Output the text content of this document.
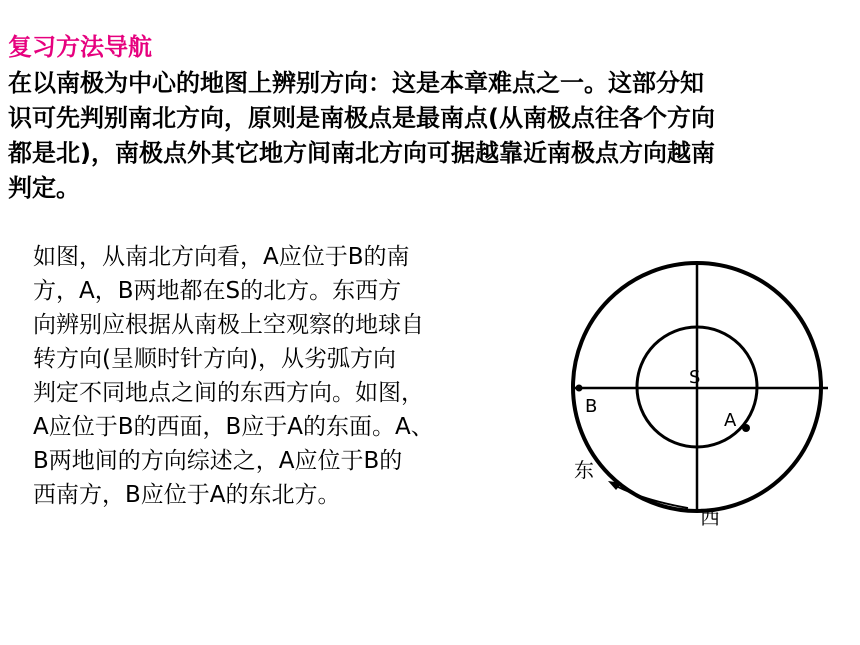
复习方法导航

在以南极为中心的地图上辨别方向：这是本章难点之一。这部分知
识可先判别南北方向，原则是南极点是最南点(从南极点往各个方向
都是北)，南极点外其它地方间南北方向可据越靠近南极点方向越南
判定。

如图，从南北方向看，A应位于B的南
方，A，B两地都在S的北方。东西方
向辨别应根据从南极上空观察的地球自
转方向(呈顺时针方向)，从劣弧方向
判定不同地点之间的东西方向。如图，
A应位于B的西面，B应于A的东面。A、
B两地间的方向综述之，A应位于B的
西南方，B应位于A的东北方。

B
A
S
东
西
